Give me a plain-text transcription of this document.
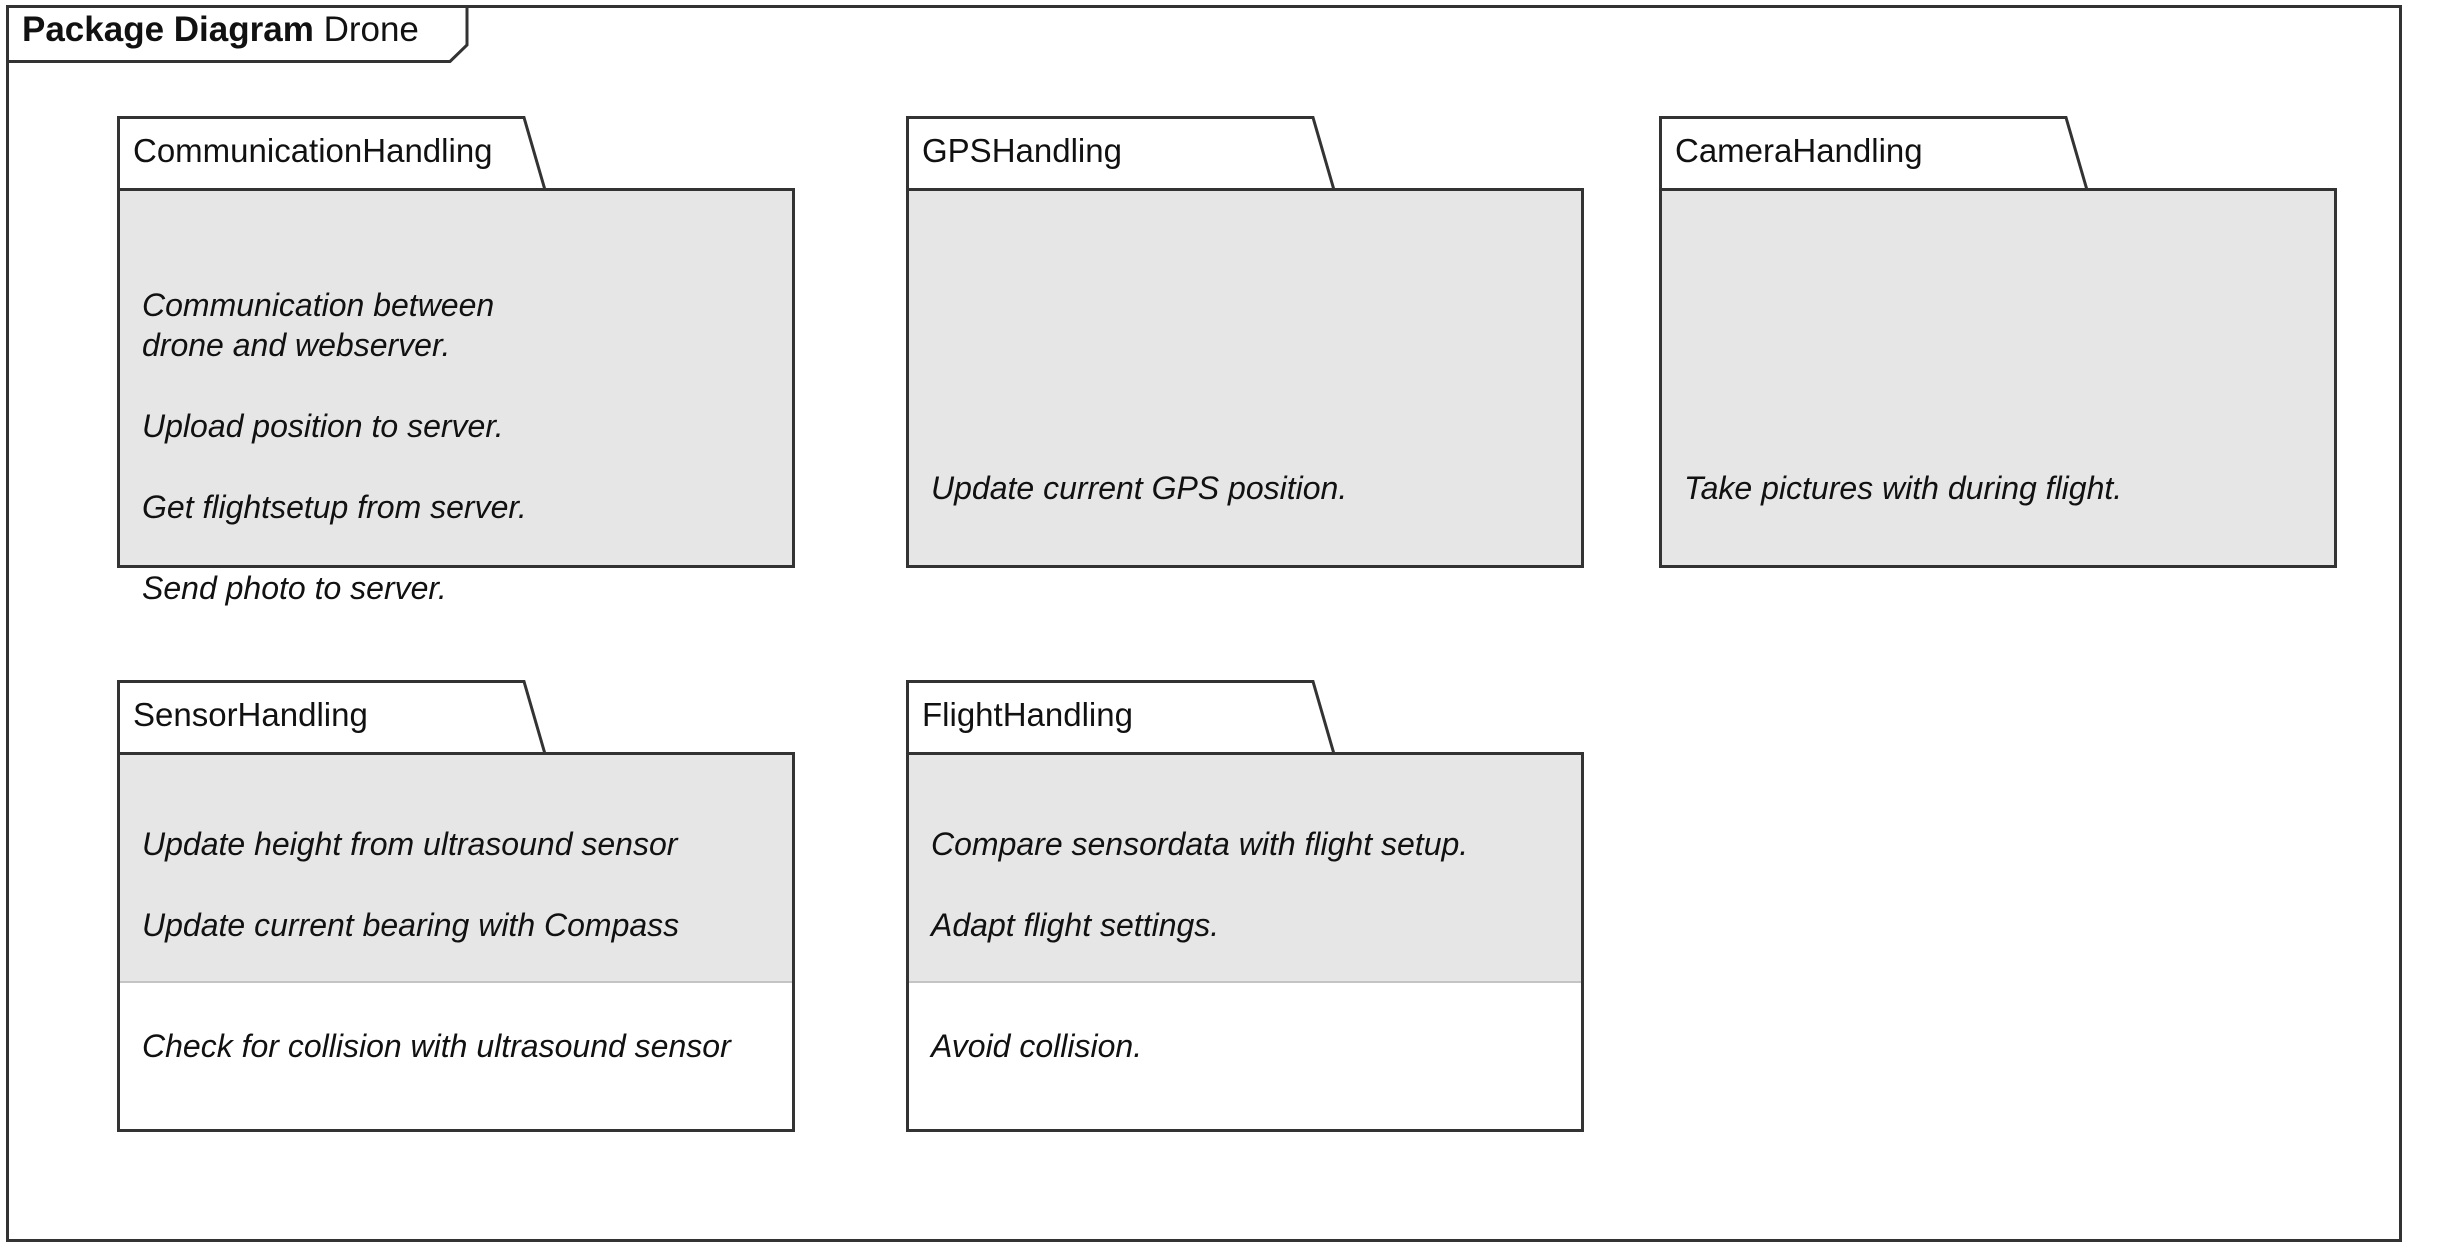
Package Diagram Drone
CommunicationHandling
Communication between
drone and webserver.
Upload position to server.
Get flightsetup from server.
Send photo to server.
GPSHandling
Update current GPS position.
CameraHandling
Take pictures with during flight.
SensorHandling
Update height from ultrasound sensor
Update current bearing with Compass
Check for collision with ultrasound sensor
FlightHandling
Compare sensordata with flight setup.
Adapt flight settings.
Avoid collision.
